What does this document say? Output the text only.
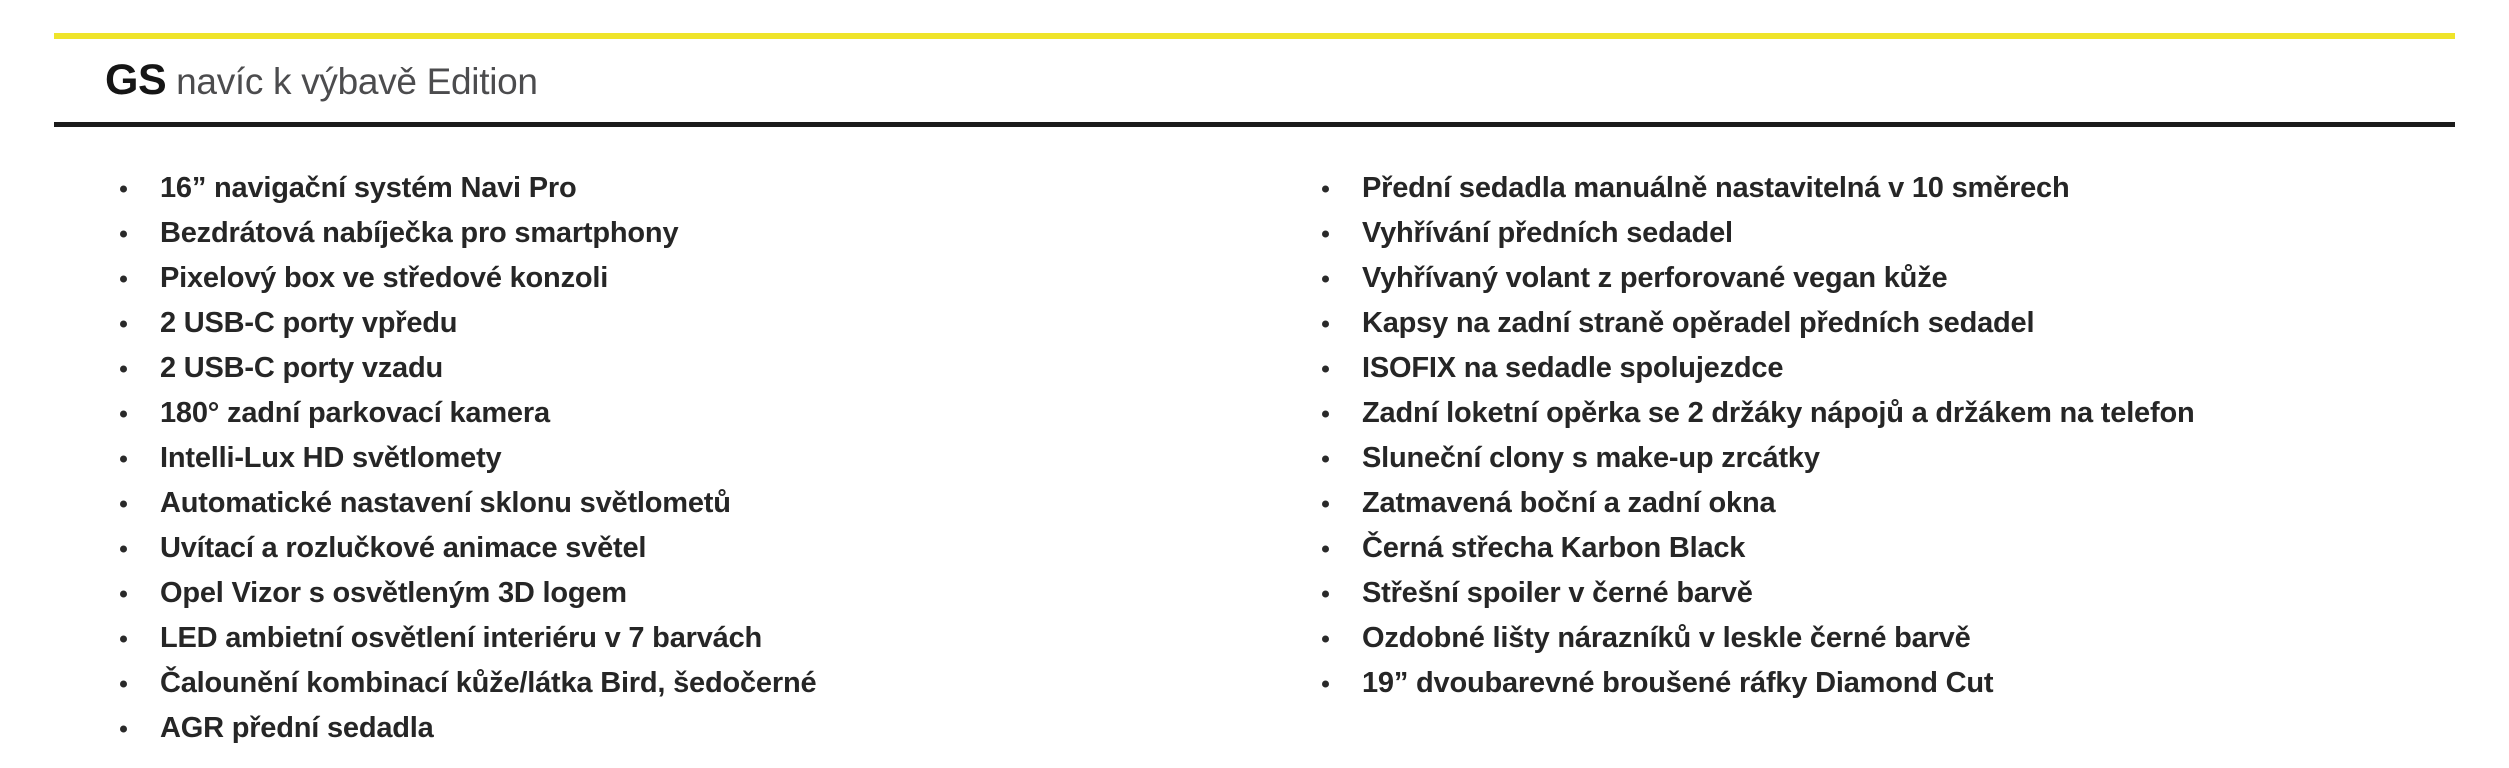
GS navíc k výbavě Edition
16” navigační systém Navi Pro
Bezdrátová nabíječka pro smartphony
Pixelový box ve středové konzoli
2 USB-C porty vpředu
2 USB-C porty vzadu
180° zadní parkovací kamera
Intelli-Lux HD světlomety
Automatické nastavení sklonu světlometů
Uvítací a rozlučkové animace světel
Opel Vizor s osvětleným 3D logem
LED ambietní osvětlení interiéru v 7 barvách
Čalounění kombinací kůže/látka Bird, šedočerné
AGR přední sedadla
Přední sedadla manuálně nastavitelná v 10 směrech
Vyhřívání předních sedadel
Vyhřívaný volant z perforované vegan kůže
Kapsy na zadní straně opěradel předních sedadel
ISOFIX na sedadle spolujezdce
Zadní loketní opěrka se 2 držáky nápojů a držákem na telefon
Sluneční clony s make-up zrcátky
Zatmavená boční a zadní okna
Černá střecha Karbon Black
Střešní spoiler v černé barvě
Ozdobné lišty nárazníků v leskle černé barvě
19” dvoubarevné broušené ráfky Diamond Cut
